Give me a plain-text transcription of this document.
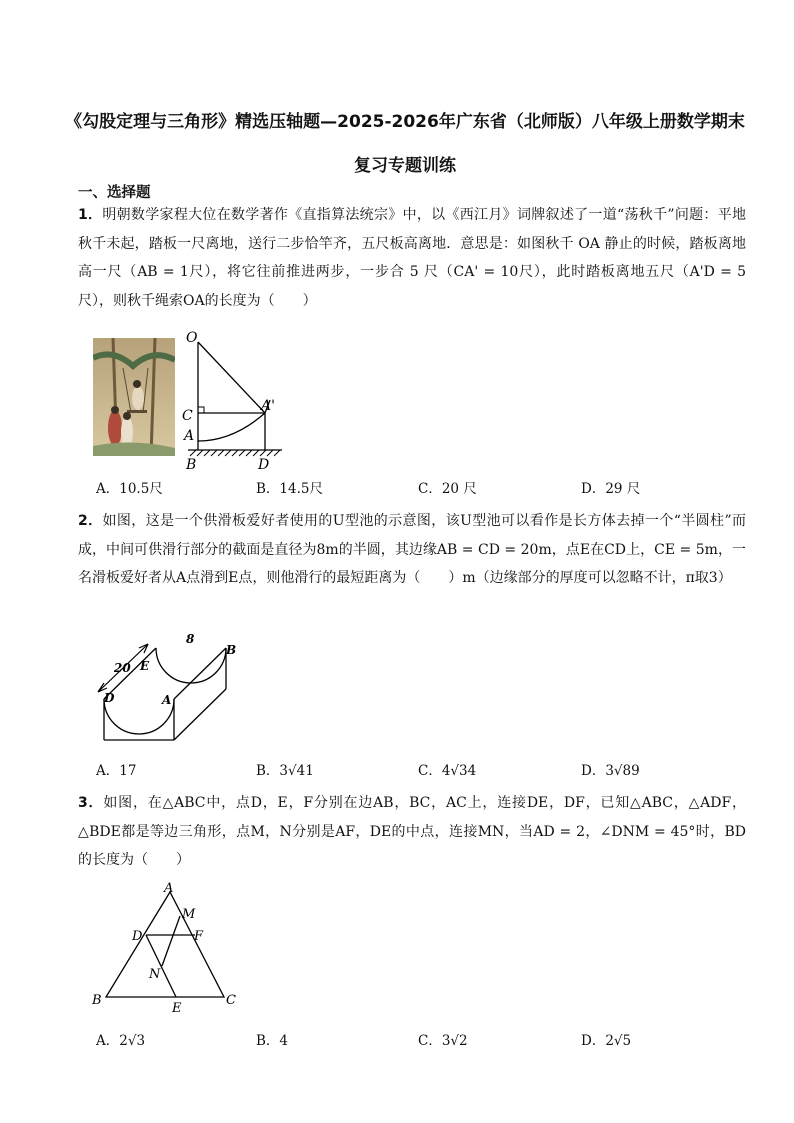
《勾股定理与三角形》精选压轴题—2025-2026年广东省（北师版）八年级上册数学期末复习专题训练
一、选择题
1．明朝数学家程大位在数学著作《直指算法统宗》中，以《西江月》词牌叙述了一道“荡秋千”问题：平地秋千未起，踏板一尺离地，送行二步恰竿齐，五尺板高离地．意思是：如图秋千 OA 静止的时候，踏板离地高一尺（AB = 1尺），将它往前推进两步，一步合 5 尺（CA' = 10尺），此时踏板离地五尺（A'D = 5尺），则秋千绳索OA的长度为（　　）
O
C
A
A'
B	D
A．10.5尺	B．14.5尺	C．20 尺	D．29 尺
2．如图，这是一个供滑板爱好者使用的U型池的示意图，该U型池可以看作是长方体去掉一个“半圆柱”而成，中间可供滑行部分的截面是直径为8m的半圆，其边缘AB = CD = 20m，点E在CD上，CE = 5m，一名滑板爱好者从A点滑到E点，则他滑行的最短距离为（　　）m（边缘部分的厚度可以忽略不计，π取3）
8
B
20 E
D	A
A．17	B．3√41	C．4√34	D．3√89
3．如图，在△ABC中，点D，E，F分别在边AB，BC，AC上，连接DE，DF，已知△ABC，△ADF，△BDE都是等边三角形，点M，N分别是AF，DE的中点，连接MN，当AD = 2，∠DNM = 45°时，BD的长度为（　　）
A
M
D	F
N
B
E
C
A．2√3	B．4	C．3√2	D．2√5
